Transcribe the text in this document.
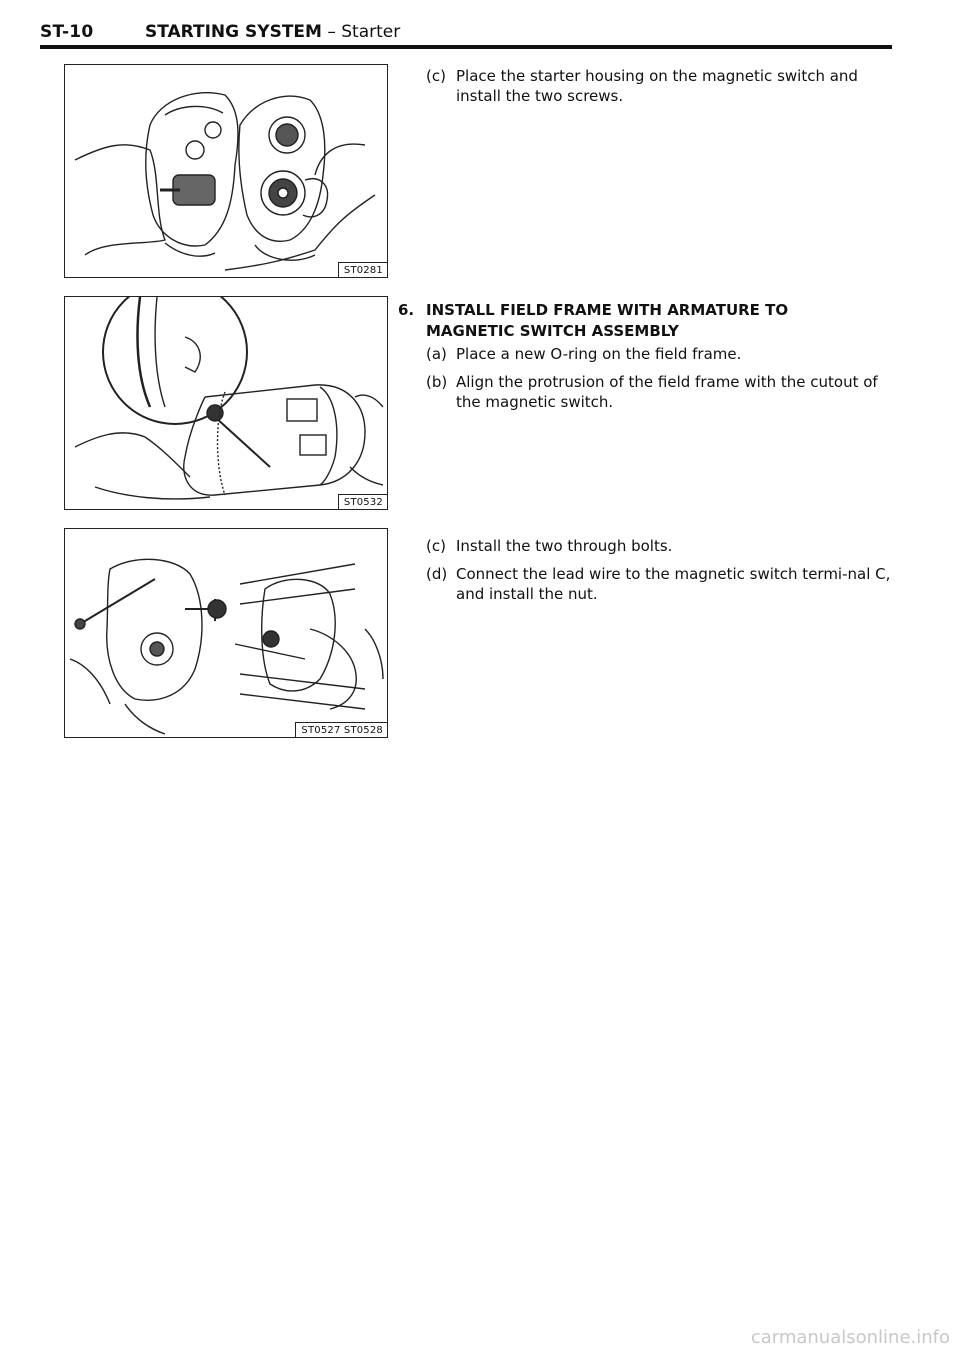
ST-10	STARTING SYSTEM – Starter
ST0281
ST0532
ST0527 ST0528
(c) Place the starter housing on the magnetic switch and install the two screws.
6. INSTALL FIELD FRAME WITH ARMATURE TO MAGNETIC SWITCH ASSEMBLY
(a) Place a new O-ring on the field frame.
(b) Align the protrusion of the field frame with the cutout of the magnetic switch.
(c) Install the two through bolts.
(d) Connect the lead wire to the magnetic switch termi-nal C, and install the nut.
carmanualsonline.info
